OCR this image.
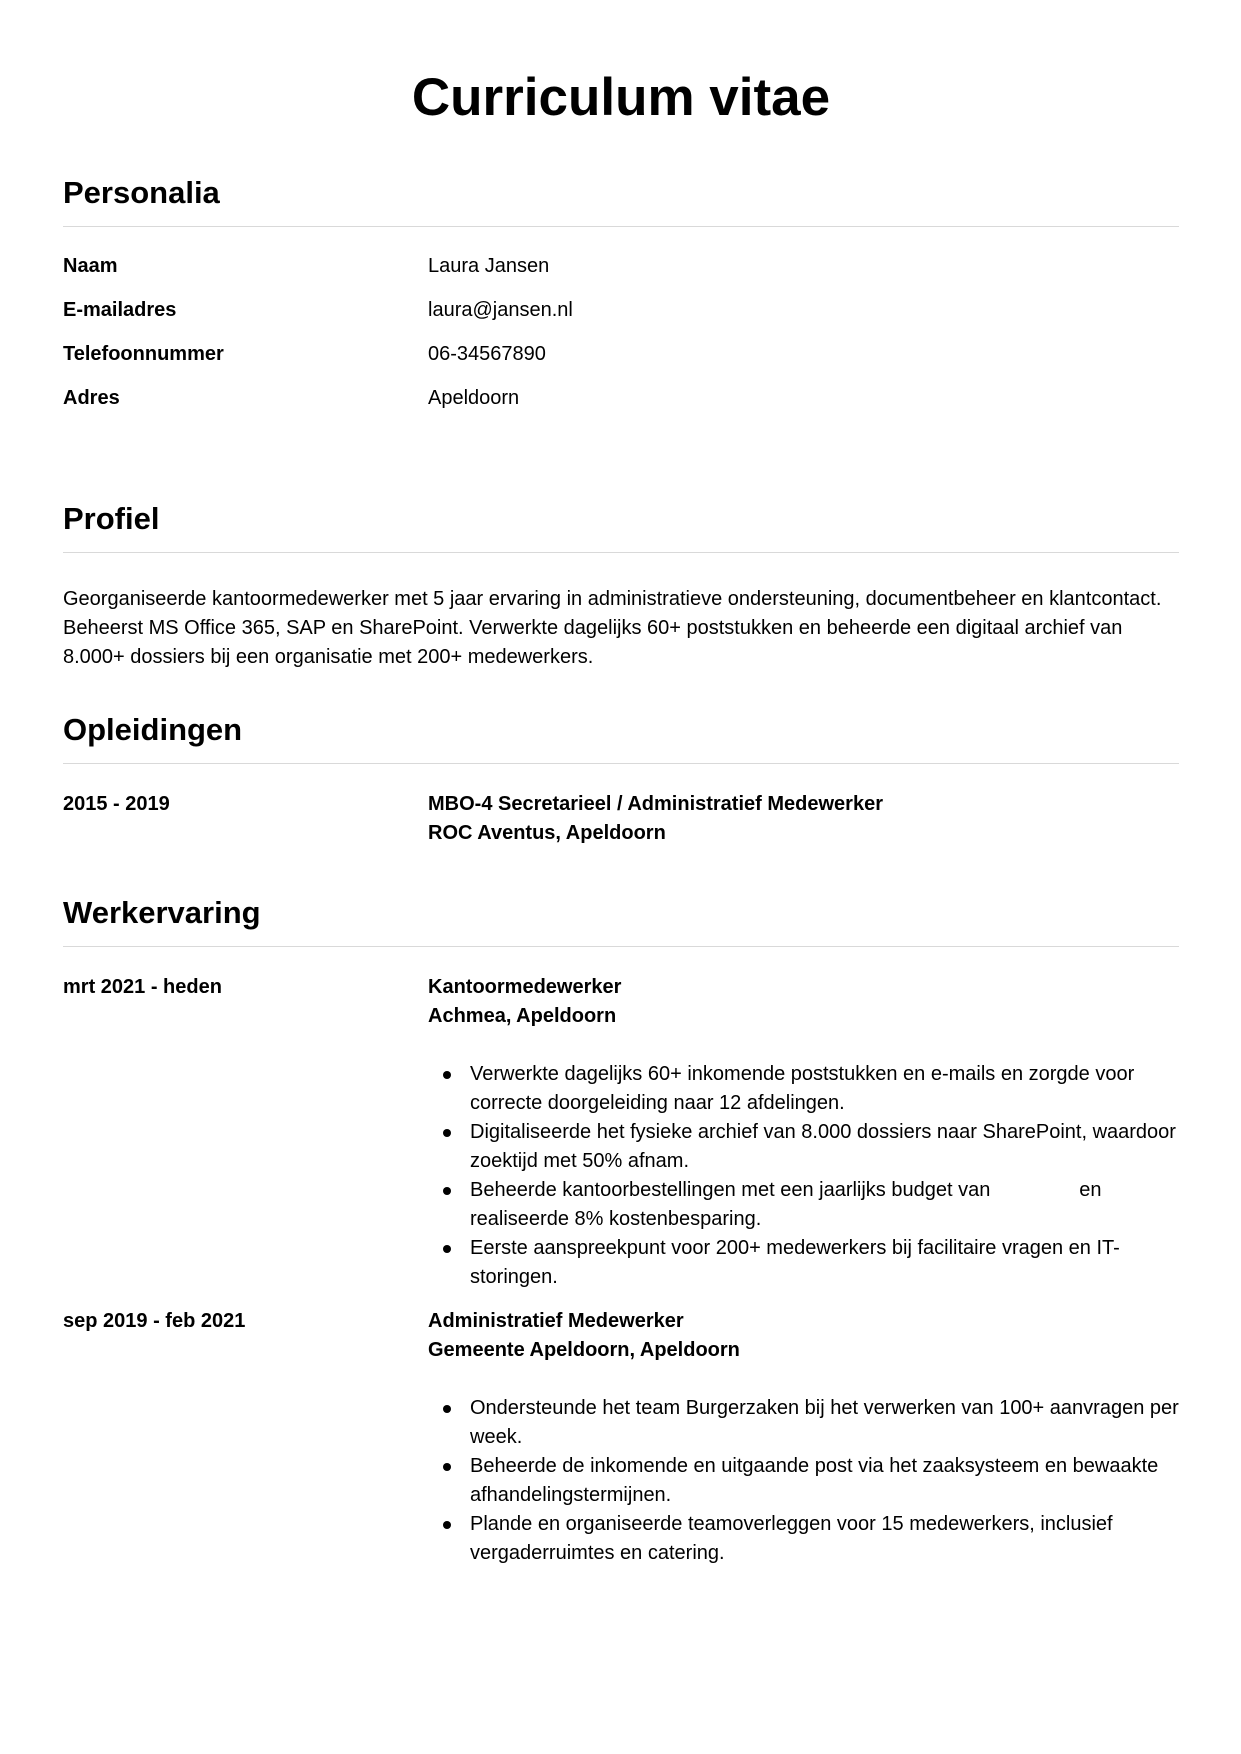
Curriculum vitae
Personalia
Naam	Laura Jansen
E-mailadres	laura@jansen.nl
Telefoonnummer	06-34567890
Adres	Apeldoorn
Profiel

Georganiseerde kantoormedewerker met 5 jaar ervaring in administratieve ondersteuning, documentbeheer en klantcontact. Beheerst MS Office 365, SAP en SharePoint. Verwerkte dagelijks 60+ poststukken en beheerde een digitaal archief van 8.000+ dossiers bij een organisatie met 200+ medewerkers.

Opleidingen
2015 - 2019	MBO-4 Secretarieel / Administratief Medewerker
ROC Aventus, Apeldoorn
Werkervaring
mrt 2021 - heden	Kantoormedewerker
Achmea, Apeldoorn
Verwerkte dagelijks 60+ inkomende poststukken en e-mails en zorgde voor correcte doorgeleiding naar 12 afdelingen.
Digitaliseerde het fysieke archief van 8.000 dossiers naar SharePoint, waardoor zoektijd met 50% afnam.
Beheerde kantoorbestellingen met een jaarlijks budget van                en realiseerde 8% kostenbesparing.
Eerste aanspreekpunt voor 200+ medewerkers bij facilitaire vragen en IT-storingen.
sep 2019 - feb 2021	Administratief Medewerker
Gemeente Apeldoorn, Apeldoorn
Ondersteunde het team Burgerzaken bij het verwerken van 100+ aanvragen per week.
Beheerde de inkomende en uitgaande post via het zaaksysteem en bewaakte afhandelingstermijnen.
Plande en organiseerde teamoverleggen voor 15 medewerkers, inclusief vergaderruimtes en catering.
